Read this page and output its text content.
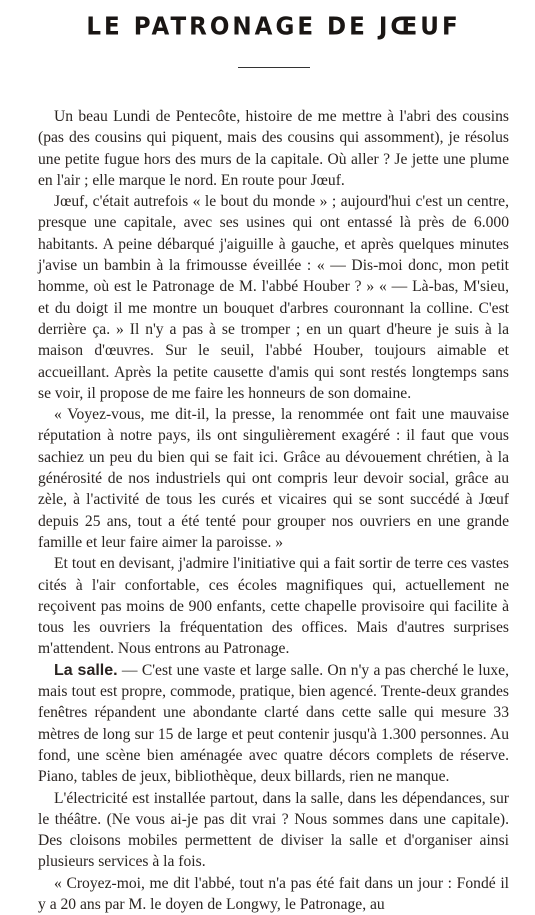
LE PATRONAGE DE JŒUF

Un beau Lundi de Pentecôte, histoire de me mettre à l'abri des cousins (pas des cousins qui piquent, mais des cousins qui assomment), je résolus une petite fugue hors des murs de la capitale. Où aller ? Je jette une plume en l'air ; elle marque le nord. En route pour Jœuf.

Jœuf, c'était autrefois « le bout du monde » ; aujourd'hui c'est un centre, presque une capitale, avec ses usines qui ont entassé là près de 6.000 habitants. A peine débarqué j'aiguille à gauche, et après quelques minutes j'avise un bambin à la frimousse éveillée : « — Dis-moi donc, mon petit homme, où est le Patronage de M. l'abbé Houber ? » « — Là-bas, M'sieu, et du doigt il me montre un bouquet d'arbres couronnant la colline. C'est derrière ça. » Il n'y a pas à se tromper ; en un quart d'heure je suis à la maison d'œuvres. Sur le seuil, l'abbé Houber, toujours aimable et accueillant. Après la petite causette d'amis qui sont restés longtemps sans se voir, il propose de me faire les honneurs de son domaine.

« Voyez-vous, me dit-il, la presse, la renommée ont fait une mauvaise réputation à notre pays, ils ont singulièrement exagéré : il faut que vous sachiez un peu du bien qui se fait ici. Grâce au dévouement chrétien, à la générosité de nos industriels qui ont compris leur devoir social, grâce au zèle, à l'activité de tous les curés et vicaires qui se sont succédé à Jœuf depuis 25 ans, tout a été tenté pour grouper nos ouvriers en une grande famille et leur faire aimer la paroisse. »

Et tout en devisant, j'admire l'initiative qui a fait sortir de terre ces vastes cités à l'air confortable, ces écoles magnifiques qui, actuellement ne reçoivent pas moins de 900 enfants, cette chapelle provisoire qui facilite à tous les ouvriers la fréquentation des offices. Mais d'autres surprises m'attendent. Nous entrons au Patronage.

La salle. — C'est une vaste et large salle. On n'y a pas cherché le luxe, mais tout est propre, commode, pratique, bien agencé. Trente-deux grandes fenêtres répandent une abondante clarté dans cette salle qui mesure 33 mètres de long sur 15 de large et peut contenir jusqu'à 1.300 personnes. Au fond, une scène bien aménagée avec quatre décors complets de réserve. Piano, tables de jeux, bibliothèque, deux billards, rien ne manque.

L'électricité est installée partout, dans la salle, dans les dépendances, sur le théâtre. (Ne vous ai-je pas dit vrai ? Nous sommes dans une capitale). Des cloisons mobiles permettent de diviser la salle et d'organiser ainsi plusieurs services à la fois.

« Croyez-moi, me dit l'abbé, tout n'a pas été fait dans un jour : Fondé il y a 20 ans par M. le doyen de Longwy, le Patronage, au
